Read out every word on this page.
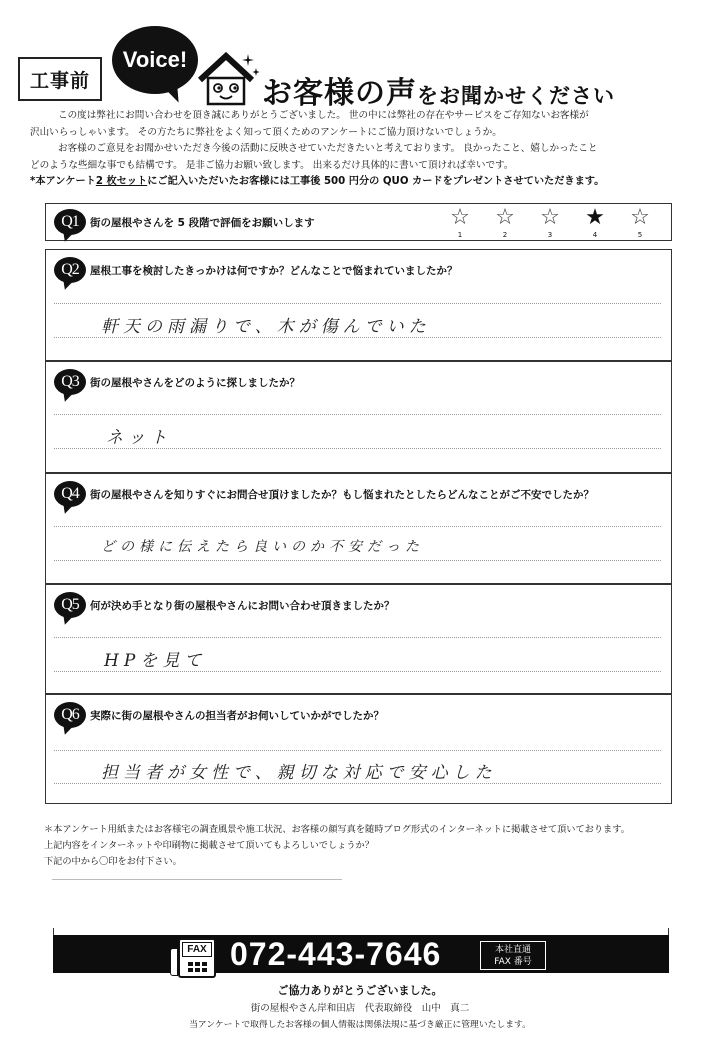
工事前
Voice!
お客様の 声 をお聞かせください

この度は弊社にお問い合わせを頂き誠にありがとうございました。 世の中には弊社の存在やサービスをご存知ないお客様が

沢山いらっしゃいます。 その方たちに弊社をよく知って頂くためのアンケートにご協力頂けないでしょうか。

お客様のご意見をお聞かせいただき今後の活動に反映させていただきたいと考えております。 良かったこと、嬉しかったこと

どのような些細な事でも結構です。 是非ご協力お願い致します。 出来るだけ具体的に書いて頂ければ幸いです。

*本アンケート2 枚セットにご記入いただいたお客様には工事後 500 円分の QUO カードをプレゼントさせていただきます。

Q1	街の屋根やさんを 5 段階で評価をお願いします	☆
1
☆
2
☆
3
★
4
☆
5
Q2	屋根工事を検討したきっかけは何ですか？どんなことで悩まれていましたか？
軒天の雨漏りで、木が傷んでいた
Q3	街の屋根やさんをどのように探しましたか？
ネット
Q4	街の屋根やさんを知りすぐにお問合せ頂けましたか？もし悩まれたとしたらどんなことがご不安でしたか？
どの様に伝えたら良いのか不安だった
Q5	何が決め手となり街の屋根やさんにお問い合わせ頂きましたか？
HPを見て
Q6	実際に街の屋根やさんの担当者がお伺いしていかがでしたか？
担当者が女性で、親切な対応で安心した
＊本アンケート用紙またはお客様宅の調査風景や施工状況、お客様の顔写真を随時ブログ形式のインターネットに掲載させて頂いております。
上記内容をインターネットや印刷物に掲載させて頂いてもよろしいでしょうか？
下記の中から〇印をお付下さい。
FAX 072-443-7646	本社直通
FAX 番号
ご協力ありがとうございました。
街の屋根やさん岸和田店　代表取締役　山中　真二
当アンケートで取得したお客様の個人情報は関係法規に基づき厳正に管理いたします。
